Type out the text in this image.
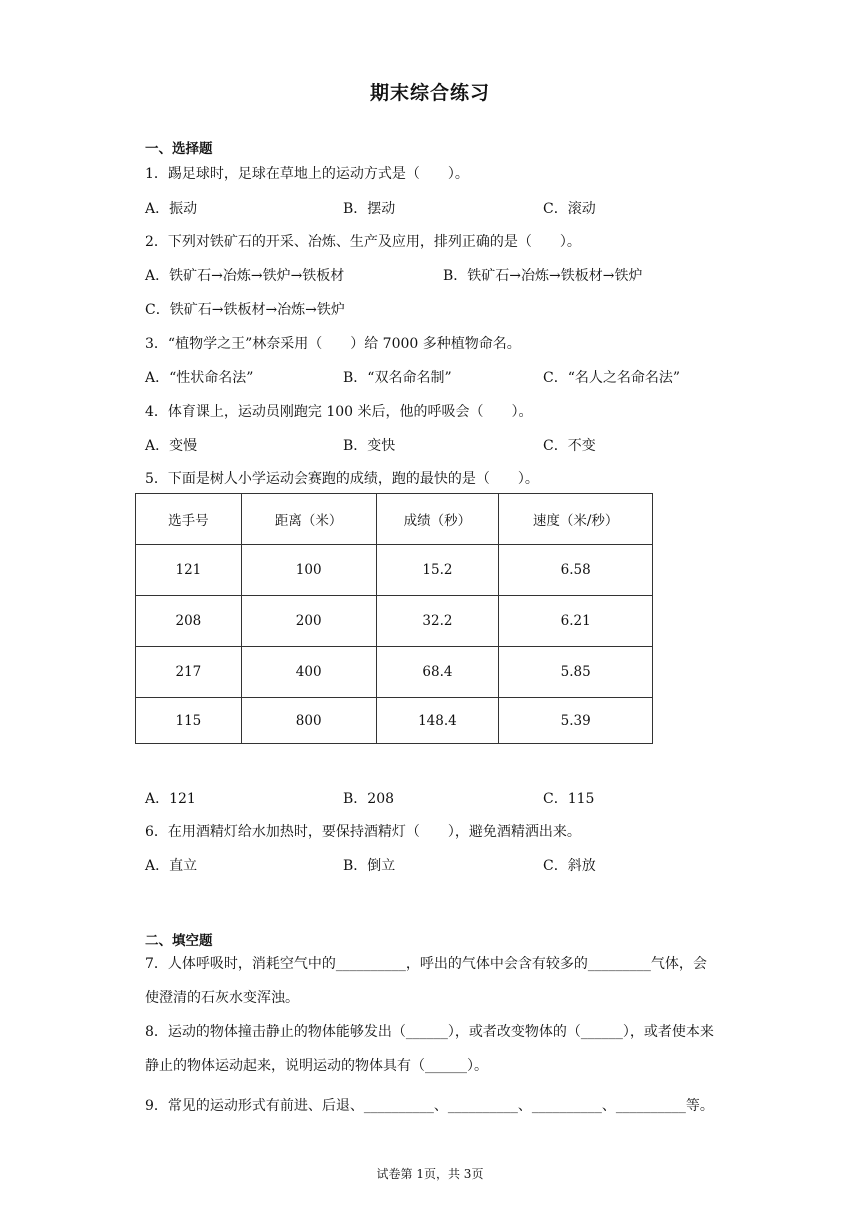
期末综合练习
一、选择题
1．踢足球时，足球在草地上的运动方式是（　　）。
A．振动	B．摆动	C．滚动
2．下列对铁矿石的开采、冶炼、生产及应用，排列正确的是（　　）。
A．铁矿石→冶炼→铁炉→铁板材	B．铁矿石→冶炼→铁板材→铁炉
C．铁矿石→铁板材→冶炼→铁炉
3．“植物学之王”林奈采用（　　）给 7000 多种植物命名。
A．“性状命名法”	B．“双名命名制”	C．“名人之名命名法”
4．体育课上，运动员刚跑完 100 米后，他的呼吸会（　　）。
A．变慢	B．变快	C．不变
5．下面是树人小学运动会赛跑的成绩，跑的最快的是（　　）。
选手号	距离（米）	成绩（秒）	速度（米/秒）
121	100	15.2	6.58
208	200	32.2	6.21
217	400	68.4	5.85
115	800	148.4	5.39
A．121	B．208	C．115
6．在用酒精灯给水加热时，要保持酒精灯（　　），避免酒精洒出来。
A．直立	B．倒立	C．斜放
二、填空题
7．人体呼吸时，消耗空气中的__________，呼出的气体中会含有较多的_________气体，会使澄清的石灰水变浑浊。
8．运动的物体撞击静止的物体能够发出（______），或者改变物体的（______），或者使本来静止的物体运动起来，说明运动的物体具有（______）。
9．常见的运动形式有前进、后退、__________、__________、__________、__________等。
试卷第 1页，共 3页
